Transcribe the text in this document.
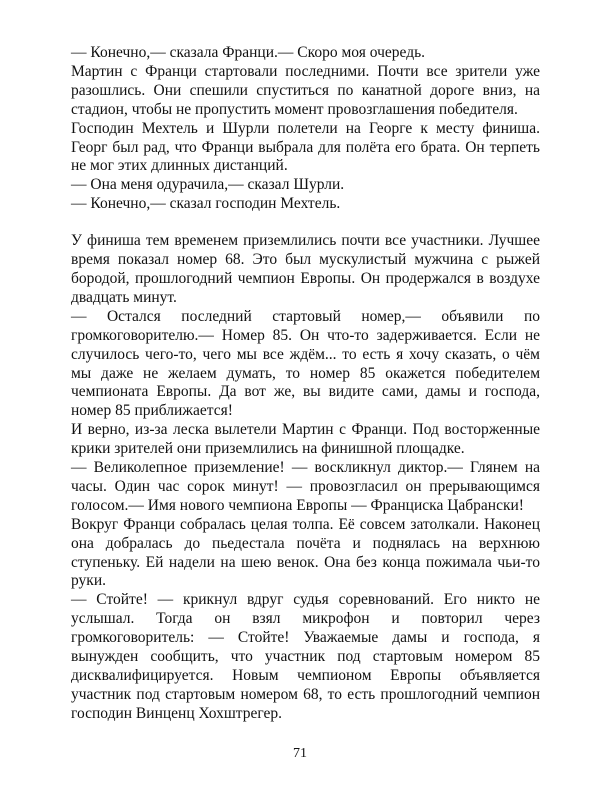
— Конечно,— сказала Франци.— Скоро моя очередь.

Мартин с Франци стартовали последними. Почти все зрители уже разошлись. Они спешили спуститься по канатной дороге вниз, на стадион, чтобы не пропустить момент провозглашения победителя.

Господин Мехтель и Шурли полетели на Георге к месту финиша. Георг был рад, что Франци выбрала для полёта его брата. Он терпеть не мог этих длинных дистанций.

— Она меня одурачила,— сказал Шурли.

— Конечно,— сказал господин Мехтель.

У финиша тем временем приземлились почти все участники. Лучшее время показал номер 68. Это был мускулистый мужчина с рыжей бородой, прошлогодний чемпион Европы. Он продержался в воздухе двадцать минут.

— Остался последний стартовый номер,— объявили по громкоговорителю.— Номер 85. Он что-то задерживается. Если не случилось чего-то, чего мы все ждём... то есть я хочу сказать, о чём мы даже не желаем думать, то номер 85 окажется победителем чемпионата Европы. Да вот же, вы видите сами, дамы и господа, номер 85 приближается!

И верно, из-за леска вылетели Мартин с Франци. Под восторженные крики зрителей они приземлились на финишной площадке.

— Великолепное приземление! — воскликнул диктор.— Глянем на часы. Один час сорок минут! — провозгласил он прерывающимся голосом.— Имя нового чемпиона Европы — Франциска Цабрански!

Вокруг Франци собралась целая толпа. Её совсем затолкали. Наконец она добралась до пьедестала почёта и поднялась на верхнюю ступеньку. Ей надели на шею венок. Она без конца пожимала чьи-то руки.

— Стойте! — крикнул вдруг судья соревнований. Его никто не услышал. Тогда он взял микрофон и повторил через громкоговоритель: — Стойте! Уважаемые дамы и господа, я вынужден сообщить, что участник под стартовым номером 85 дисквалифицируется. Новым чемпионом Европы объявляется участник под стартовым номером 68, то есть прошлогодний чемпион господин Винценц Хохштрегер.

71
